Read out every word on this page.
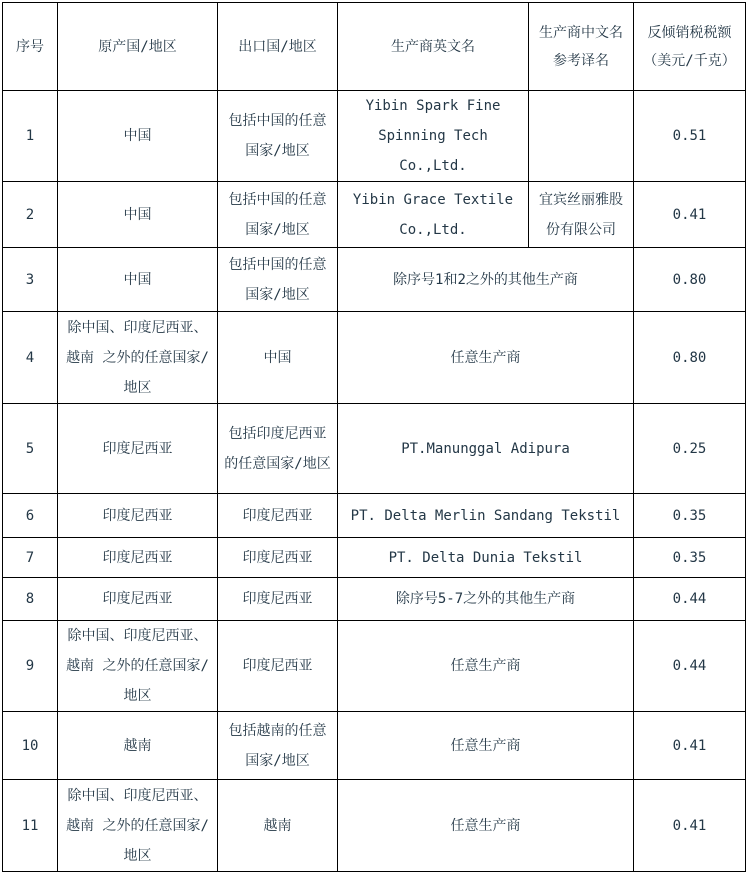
序号	原产国/地区	出口国/地区	生产商英文名	生产商中文名参考译名	反倾销税税额（美元/千克）
1	中国	包括中国的任意国家/地区	Yibin Spark Fine Spinning Tech Co.,Ltd.		0.51
2	中国	包括中国的任意国家/地区	Yibin Grace Textile Co.,Ltd.	宜宾丝丽雅股份有限公司	0.41
3	中国	包括中国的任意国家/地区	除序号1和2之外的其他生产商		0.80
4	除中国、印度尼西亚、越南 之外的任意国家/地区	中国	任意生产商		0.80
5	印度尼西亚	包括印度尼西亚的任意国家/地区	PT.Manunggal Adipura		0.25
6	印度尼西亚	印度尼西亚	PT. Delta Merlin Sandang Tekstil		0.35
7	印度尼西亚	印度尼西亚	PT. Delta Dunia Tekstil		0.35
8	印度尼西亚	印度尼西亚	除序号5-7之外的其他生产商		0.44
9	除中国、印度尼西亚、越南 之外的任意国家/地区	印度尼西亚	任意生产商		0.44
10	越南	包括越南的任意国家/地区	任意生产商		0.41
11	除中国、印度尼西亚、越南 之外的任意国家/地区	越南	任意生产商		0.41
